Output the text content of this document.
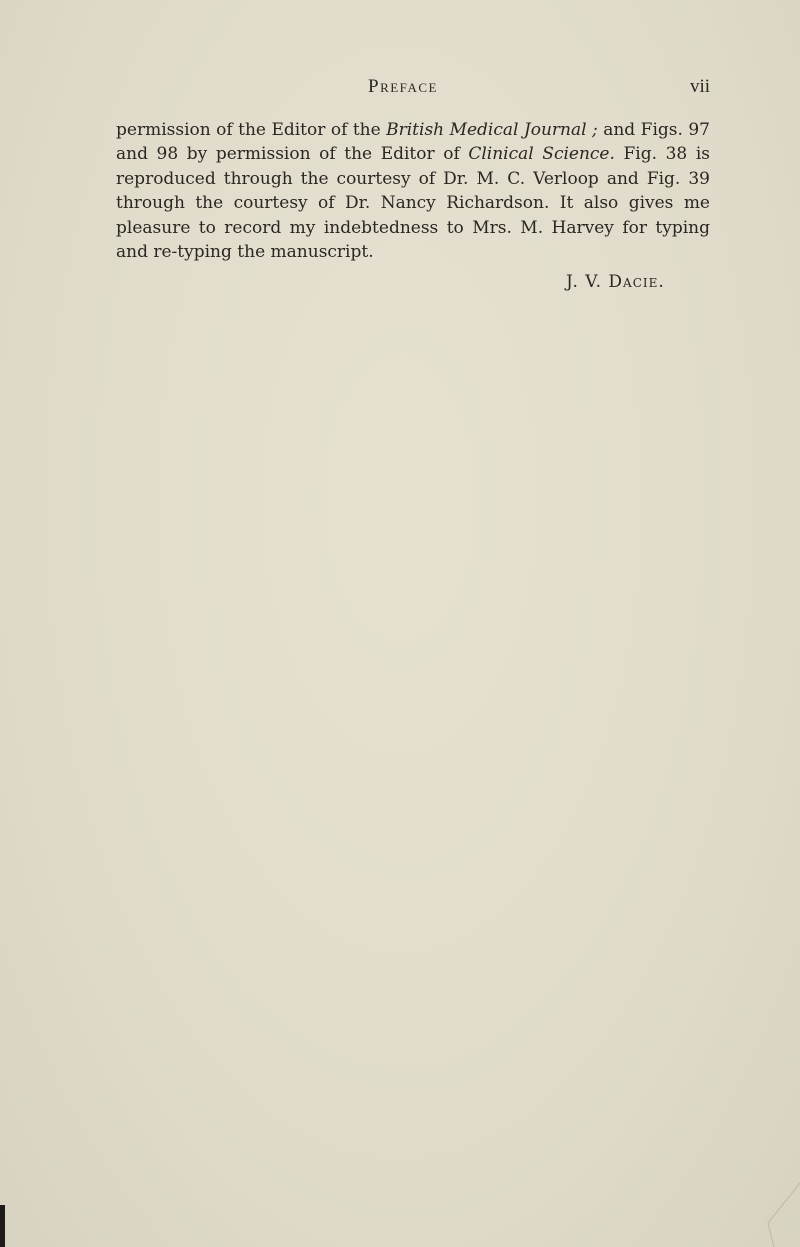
Preface	vii

permission of the Editor of the British Medical Journal ; and Figs. 97 and 98 by permission of the Editor of Clinical Science. Fig. 38 is reproduced through the courtesy of Dr. M. C. Verloop and Fig. 39 through the courtesy of Dr. Nancy Richardson. It also gives me pleasure to record my indebtedness to Mrs. M. Harvey for typing and re-typing the manuscript.

J. V. Dacie.
